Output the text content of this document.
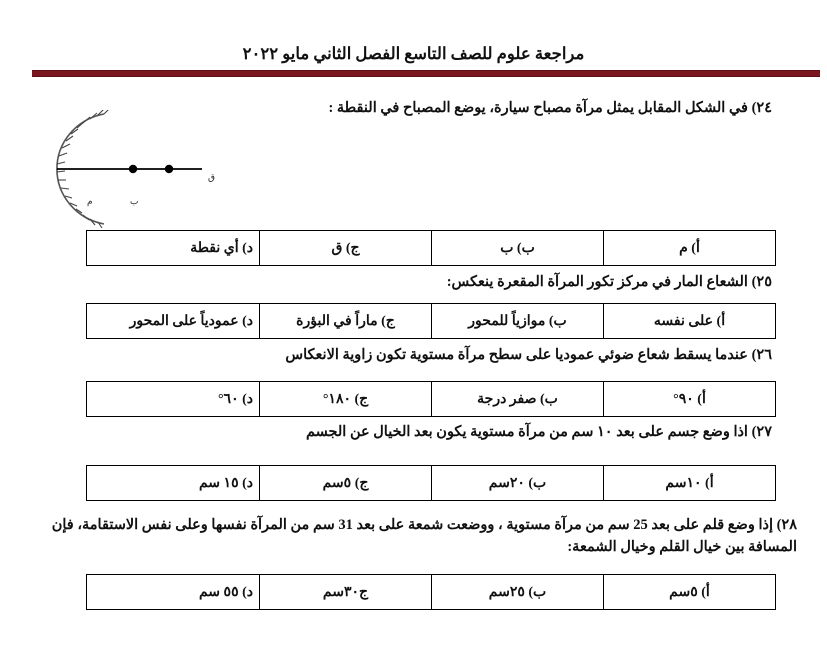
مراجعة علوم للصف التاسع الفصل الثاني مايو ٢٠٢٢
٢٤) في الشكل المقابل يمثل مرآة مصباح سيارة، يوضع المصباح في النقطة :
ق
ب
م
أ) م
ب) ب
ج) ق
د) أي نقطة
٢٥) الشعاع المار في مركز تكور المرآة المقعرة ينعكس:
أ) على نفسه
ب) موازياً للمحور
ج) ماراً في البؤرة
د) عمودياً على المحور
٢٦) عندما يسقط شعاع ضوئي عموديا على سطح مرآة مستوية تكون زاوية الانعكاس
أ) ٩٠°
ب) صفر درجة
ج) ١٨٠°
د) ٦٠°
٢٧) اذا وضع جسم على بعد ١٠ سم من مرآة مستوية يكون بعد الخيال عن الجسم
أ) ١٠سم
ب) ٢٠سم
ج) ٥سم
د) ١٥ سم
٢٨) إذا وضع قلم على بعد 25 سم من مرآة مستوية ، ووضعت شمعة على بعد 31 سم من المرآة نفسها وعلى نفس الاستقامة، فإن المسافة بين خيال القلم وخيال الشمعة:
أ) ٥سم
ب) ٢٥سم
ج٣٠سم
د) ٥٥ سم
